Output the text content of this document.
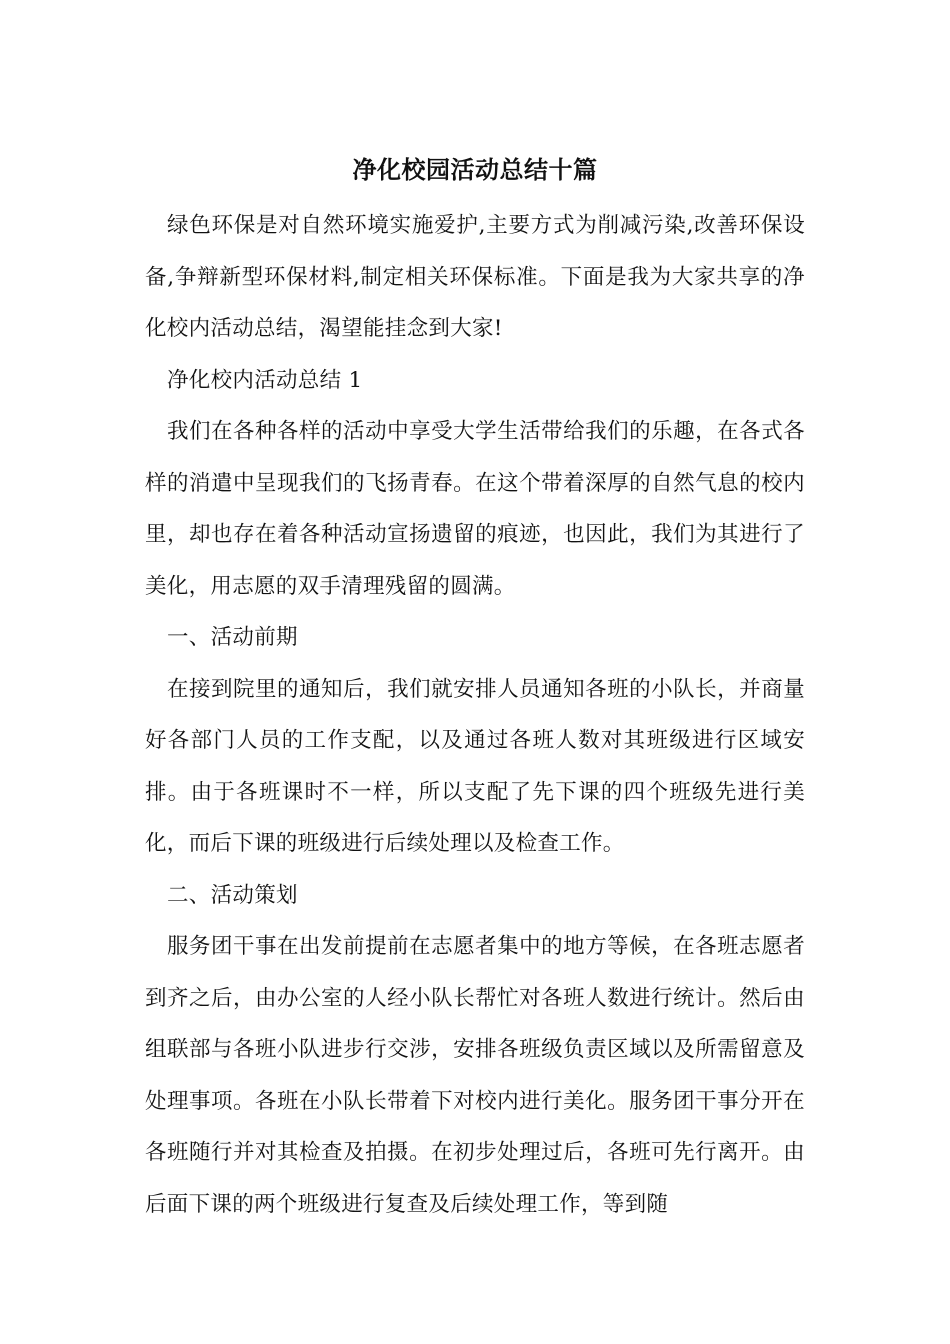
净化校园活动总结十篇

绿色环保是对自然环境实施爱护,主要方式为削减污染,改善环保设备,争辩新型环保材料,制定相关环保标准。下面是我为大家共享的净化校内活动总结，渴望能挂念到大家!

净化校内活动总结 1

我们在各种各样的活动中享受大学生活带给我们的乐趣，在各式各样的消遣中呈现我们的飞扬青春。在这个带着深厚的自然气息的校内里，却也存在着各种活动宣扬遗留的痕迹，也因此，我们为其进行了美化，用志愿的双手清理残留的圆满。

一、活动前期

在接到院里的通知后，我们就安排人员通知各班的小队长，并商量 好各部门人员的工作支配，以及通过各班人数对其班级进行区域安排。由于各班课时不一样，所以支配了先下课的四个班级先进行美化，而后下课的班级进行后续处理以及检查工作。

二、活动策划

服务团干事在出发前提前在志愿者集中的地方等候，在各班志愿者到齐之后，由办公室的人经小队长帮忙对各班人数进行统计。然后由组联部与各班小队进步行交涉，安排各班级负责区域以及所需留意及处理事项。各班在小队长带着下对校内进行美化。服务团干事分开在各班随行并对其检查及拍摄。在初步处理过后，各班可先行离开。由后面下课的两个班级进行复查及后续处理工作，等到随
